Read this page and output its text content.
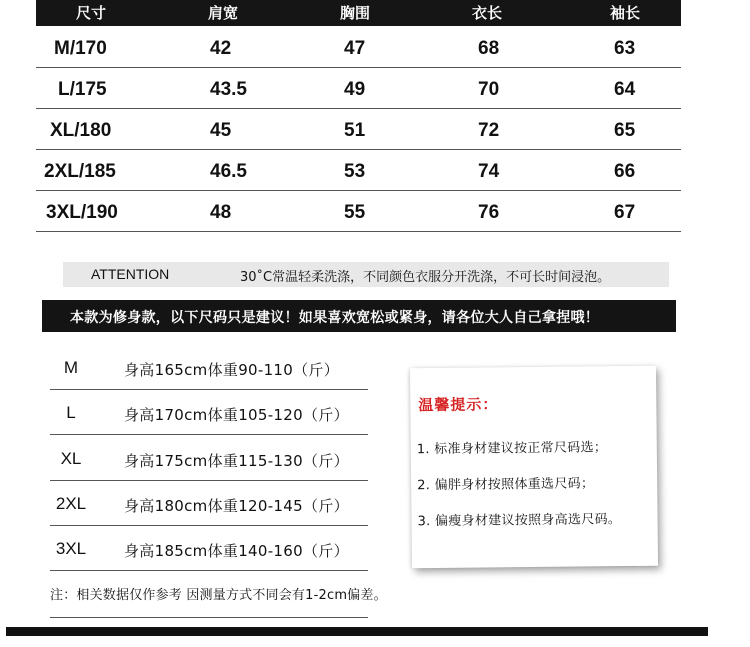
尺寸	肩宽	胸围	衣长	袖长
M/170	42	47	68	63
L/175	43.5	49	70	64
XL/180	45	51	72	65
2XL/185	46.5	53	74	66
3XL/190	48	55	76	67
ATTENTION	30˚C常温轻柔洗涤，不同颜色衣服分开洗涤，不可长时间浸泡。
本款为修身款，以下尺码只是建议！如果喜欢宽松或紧身，请各位大人自己拿捏哦！
M	身高165cm体重90-110（斤）
L	身高170cm体重105-120（斤）
XL	身高175cm体重115-130（斤）
2XL	身高180cm体重120-145（斤）
3XL	身高185cm体重140-160（斤）
注：相关数据仅作参考 因测量方式不同会有1-2cm偏差。
温馨提示：
1. 标准身材建议按正常尺码选；
2. 偏胖身材按照体重选尺码；
3. 偏瘦身材建议按照身高选尺码。
